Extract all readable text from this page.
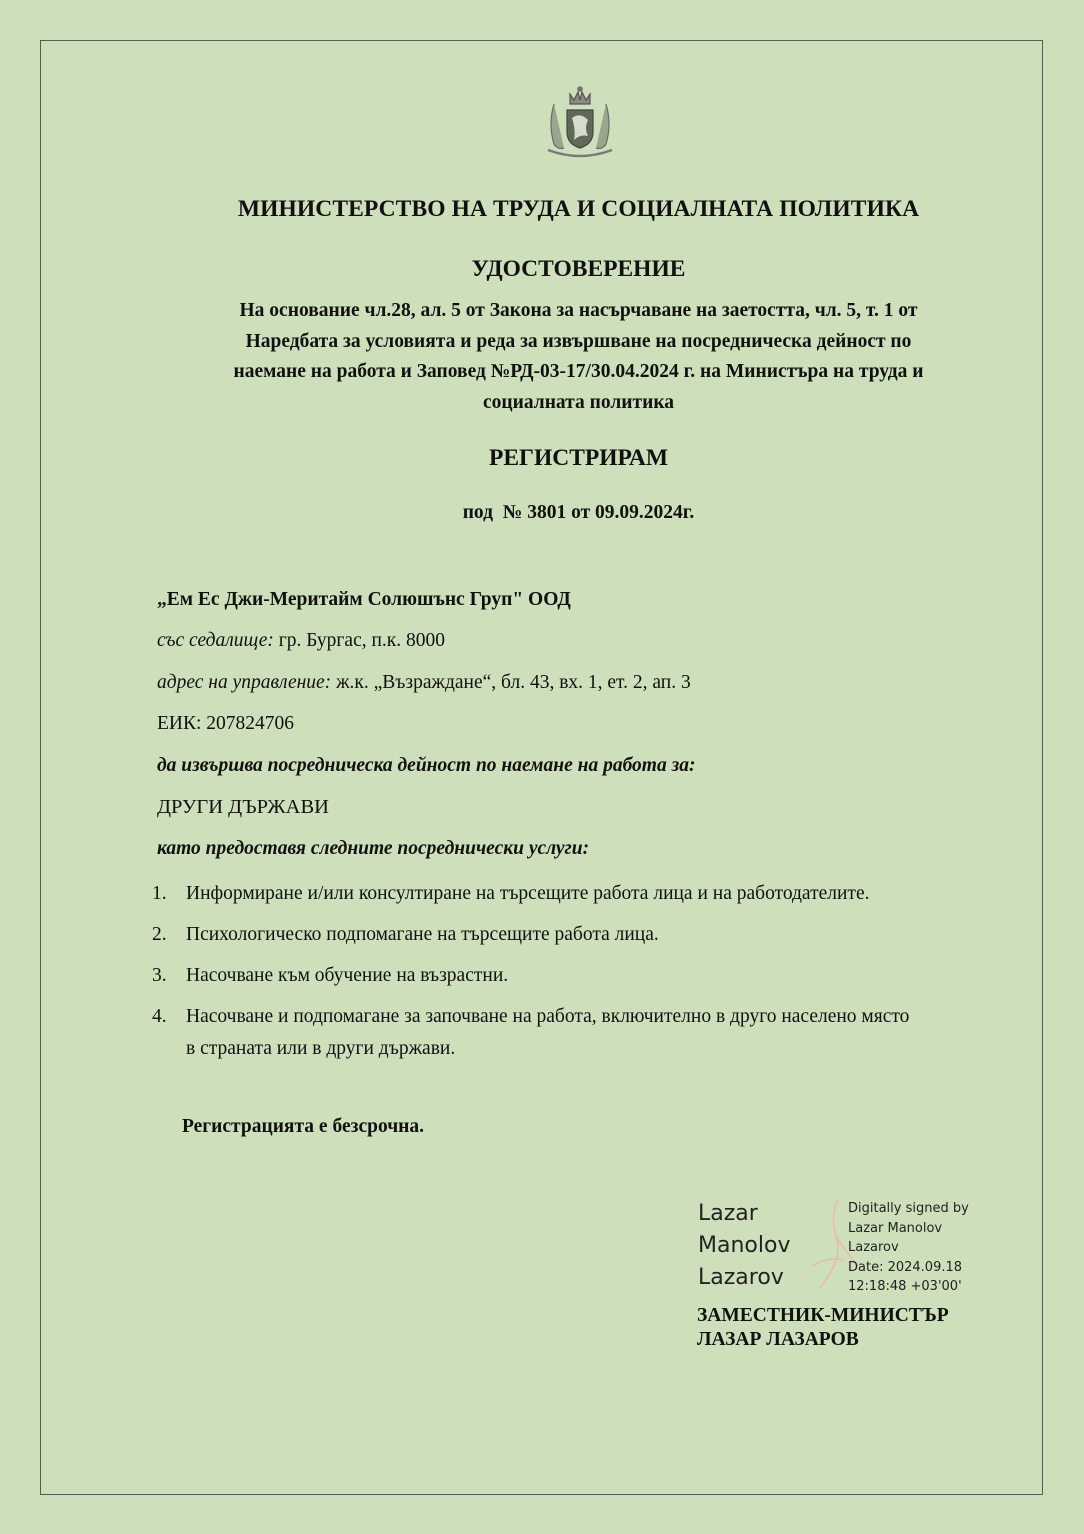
МИНИСТЕРСТВО НА ТРУДА И СОЦИАЛНАТА ПОЛИТИКА
УДОСТОВЕРЕНИЕ
На основание чл.28, ал. 5 от Закона за насърчаване на заетостта, чл. 5, т. 1 от
Наредбата за условията и реда за извършване на посредническа дейност по
наемане на работа и Заповед №РД-03-17/30.04.2024 г. на Министъра на труда и
социалната политика
РЕГИСТРИРАМ
под  № 3801 от 09.09.2024г.
„Ем Ес Джи-Меритайм Солюшънс Груп" ООД
със седалище: гр. Бургас, п.к. 8000
адрес на управление: ж.к. „Възраждане“, бл. 43, вх. 1, ет. 2, ап. 3
ЕИК: 207824706
да извършва посредническа дейност по наемане на работа за:
ДРУГИ ДЪРЖАВИ
като предоставя следните посреднически услуги:
1. Информиране и/или консултиране на търсещите работа лица и на работодателите.
2. Психологическо подпомагане на търсещите работа лица.
3. Насочване към обучение на възрастни.
4. Насочване и подпомагане за започване на работа, включително в друго населено място
в страната или в други държави.
Регистрацията е безсрочна.
Lazar
Manolov
Lazarov
Digitally signed by
Lazar Manolov
Lazarov
Date: 2024.09.18
12:18:48 +03'00'
ЗАМЕСТНИК-МИНИСТЪР
ЛАЗАР ЛАЗАРОВ
